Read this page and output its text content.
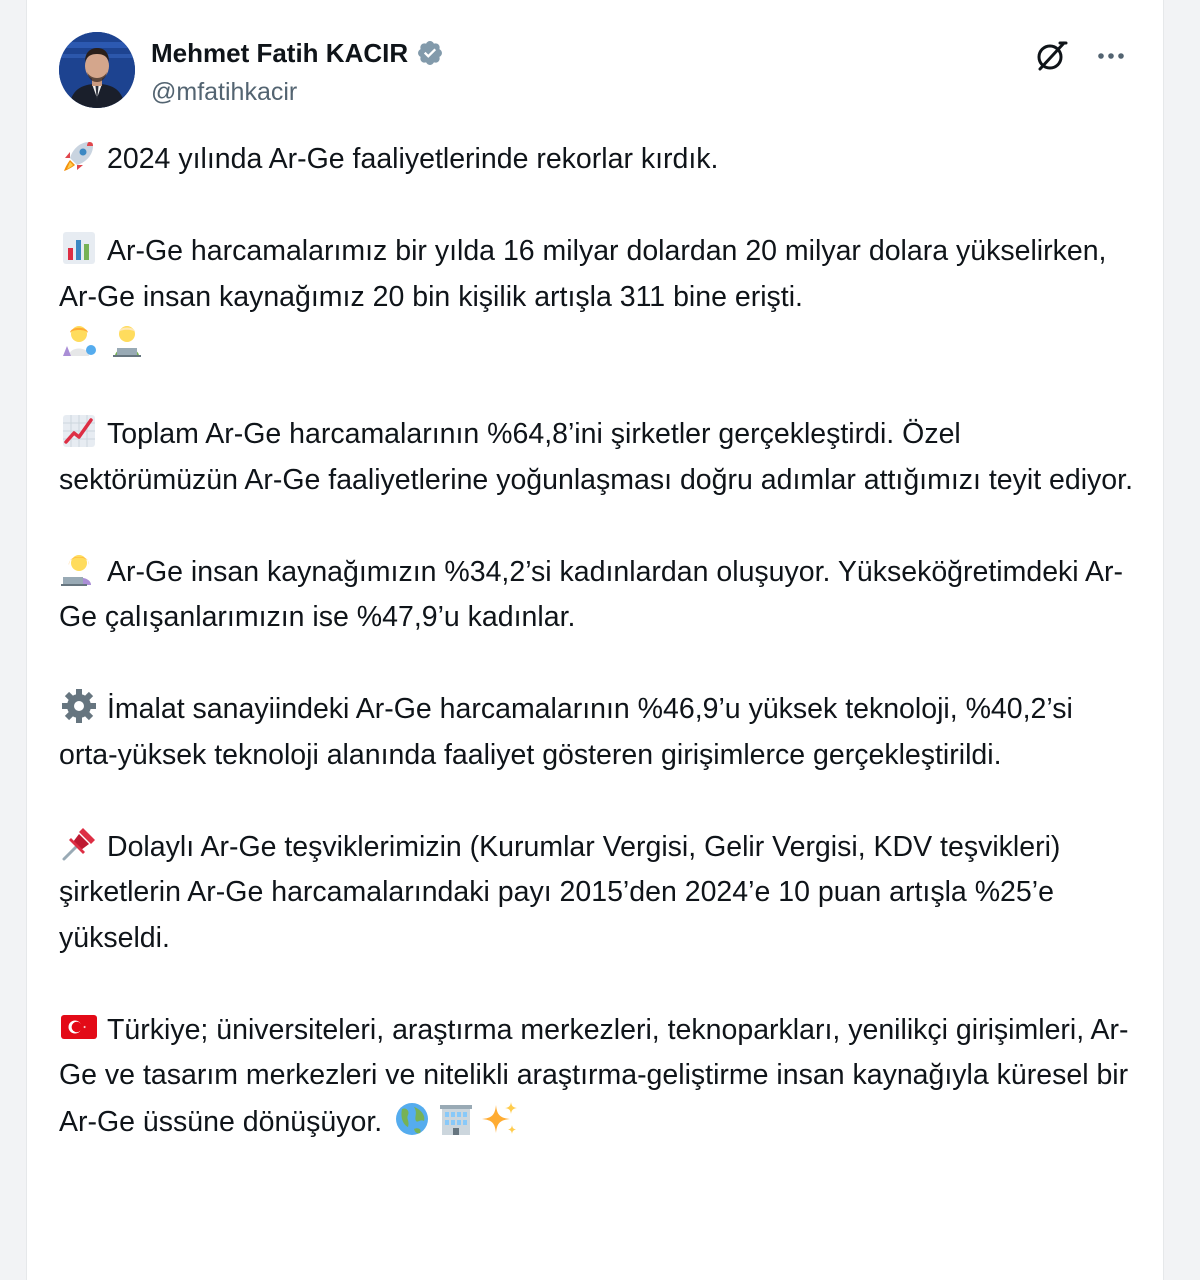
Mehmet Fatih KACIR
@mfatihkacir

2024 yılında Ar-Ge faaliyetlerinde rekorlar kırdık.

Ar-Ge harcamalarımız bir yılda 16 milyar dolardan 20 milyar dolara yükselirken, Ar-Ge insan kaynağımız 20 bin kişilik artışla 311 bine erişti.

Toplam Ar-Ge harcamalarının %64,8’ini şirketler gerçekleştirdi. Özel sektörümüzün Ar-Ge faaliyetlerine yoğunlaşması doğru adımlar attığımızı teyit ediyor.

Ar-Ge insan kaynağımızın %34,2’si kadınlardan oluşuyor. Yükseköğretimdeki Ar-Ge çalışanlarımızın ise %47,9’u kadınlar.

İmalat sanayiindeki Ar-Ge harcamalarının %46,9’u yüksek teknoloji, %40,2’si orta-yüksek teknoloji alanında faaliyet gösteren girişimlerce gerçekleştirildi.

Dolaylı Ar-Ge teşviklerimizin (Kurumlar Vergisi, Gelir Vergisi, KDV teşvikleri) şirketlerin Ar-Ge harcamalarındaki payı 2015’den 2024’e 10 puan artışla %25’e yükseldi.

Türkiye; üniversiteleri, araştırma merkezleri, teknoparkları, yenilikçi girişimleri, Ar-Ge ve tasarım merkezleri ve nitelikli araştırma-geliştirme insan kaynağıyla küresel bir Ar-Ge üssüne dönüşüyor.
